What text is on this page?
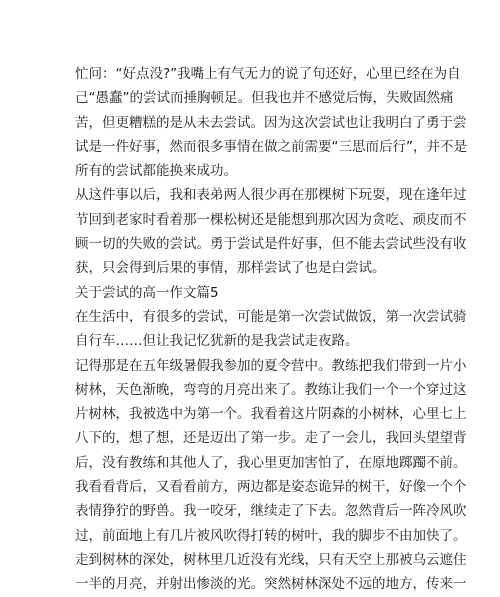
忙问：“好点没?”我嘴上有气无力的说了句还好，心里已经在为自
己“愚蠢”的尝试而捶胸顿足。但我也并不感觉后悔，失败固然痛
苦，但更糟糕的是从未去尝试。因为这次尝试也让我明白了勇于尝
试是一件好事，然而很多事情在做之前需要“三思而后行”，并不是
所有的尝试都能换来成功。
从这件事以后，我和表弟两人很少再在那棵树下玩耍，现在逢年过
节回到老家时看着那一棵松树还是能想到那次因为贪吃、顽皮而不
顾一切的失败的尝试。勇于尝试是件好事，但不能去尝试些没有收
获，只会得到后果的事情，那样尝试了也是白尝试。
关于尝试的高一作文篇5
在生活中，有很多的尝试，可能是第一次尝试做饭，第一次尝试骑
自行车……但让我记忆犹新的是我尝试走夜路。
记得那是在五年级暑假我参加的夏令营中。教练把我们带到一片小
树林，天色渐晚，弯弯的月亮出来了。教练让我们一个一个穿过这
片树林，我被选中为第一个。我看着这片阴森的小树林，心里七上
八下的，想了想，还是迈出了第一步。走了一会儿，我回头望望背
后，没有教练和其他人了，我心里更加害怕了，在原地踯躅不前。
我看看背后，又看看前方，两边都是姿态诡异的树干，好像一个个
表情狰狞的野兽。我一咬牙，继续走了下去。忽然背后一阵冷风吹
过，前面地上有几片被风吹得打转的树叶，我的脚步不由加快了。
走到树林的深处，树林里几近没有光线，只有天空上那被乌云遮住
一半的月亮，并射出惨淡的光。突然树林深处不远的地方，传来一
